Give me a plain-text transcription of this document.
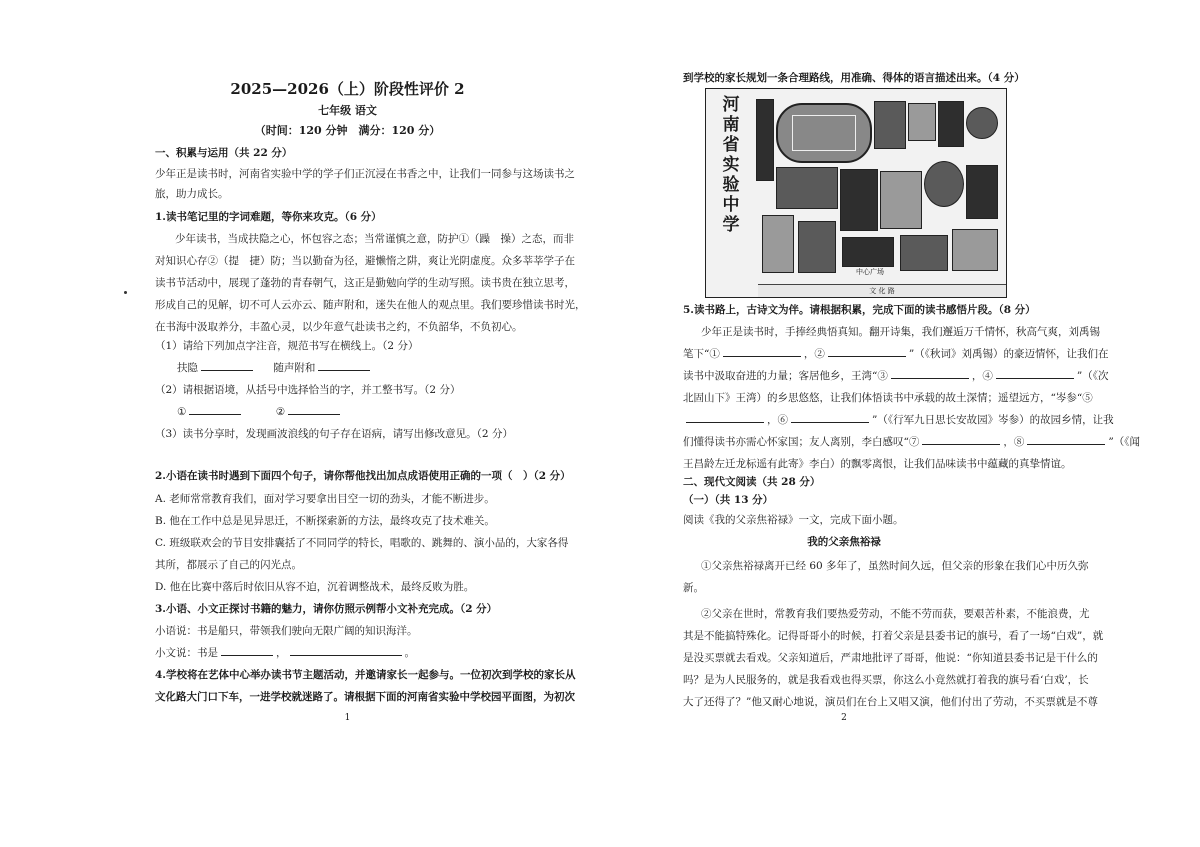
2025—2026（上）阶段性评价 2
七年级 语文
（时间：120 分钟　满分：120 分）
一、积累与运用（共 22 分）
少年正是读书时，河南省实验中学的学子们正沉浸在书香之中，让我们一同参与这场读书之
旅，助力成长。
1.读书笔记里的字词难题，等你来攻克。（6 分）
少年读书，当成扶隐之心，怀包容之态；当常谨慎之意，防护①（躁　操）之态，而非
对知识心存②（提　捷）防；当以勤奋为径，避懒惰之阱，爽让光阴虚度。众多莘莘学子在
读书节活动中，展现了蓬勃的青春朝气，这正是勤勉向学的生动写照。读书贵在独立思考，
形成自己的见解，切不可人云亦云、随声附和，迷失在他人的观点里。我们要珍惜读书时光，
在书海中汲取养分，丰盈心灵，以少年意气赴读书之约，不负韶华，不负初心。
（1）请给下列加点字注音，规范书写在横线上。（2 分）
扶隐	随声附和
（2）请根据语境，从括号中选择恰当的字，并工整书写。（2 分）
①	②
（3）读书分享时，发现画波浪线的句子存在语病，请写出修改意见。（2 分）
2.小语在读书时遇到下面四个句子，请你帮他找出加点成语使用正确的一项（　）（2 分）
A. 老师常常教育我们，面对学习要拿出目空一切的劲头，才能不断进步。
B. 他在工作中总是见异思迁，不断探索新的方法，最终攻克了技术难关。
C. 班级联欢会的节目安排囊括了不同同学的特长，唱歌的、跳舞的、演小品的，大家各得
其所，都展示了自己的闪光点。
D. 他在比赛中落后时依旧从容不迫，沉着调整战术，最终反败为胜。
3.小语、小文正探讨书籍的魅力，请你仿照示例帮小文补充完成。（2 分）
小语说：书是船只，带领我们驶向无限广阔的知识海洋。
小文说：书是	，	。
4.学校将在艺体中心举办读书节主题活动，并邀请家长一起参与。一位初次到学校的家长从
文化路大门口下车，一进学校就迷路了。请根据下面的河南省实验中学校园平面图，为初次
1
到学校的家长规划一条合理路线，用准确、得体的语言描述出来。（4 分）
河南省实验中学
中心广场
文 化 路
5.读书路上，古诗文为伴。请根据积累，完成下面的读书感悟片段。（8 分）
少年正是读书时，手捧经典悟真知。翻开诗集，我们邂逅万千情怀，秋高气爽，刘禹锡
笔下“①	，②	”（《秋词》刘禹锡）的豪迈情怀，让我们在
读书中汲取奋进的力量；客居他乡，王湾“③	，④	”（《次
北固山下》王湾）的乡思悠悠，让我们体悟读书中承载的故土深情；遥望远方，“岑参“⑤
，⑥	”（《行军九日思长安故园》岑参）的故园乡情，让我
们懂得读书亦需心怀家国；友人离别，李白感叹“⑦	，⑧	”（《闻
王昌龄左迁龙标遥有此寄》李白）的飘零离恨，让我们品味读书中蕴藏的真挚情谊。
二、现代文阅读（共 28 分）
（一）（共 13 分）
阅读《我的父亲焦裕禄》一文，完成下面小题。
我的父亲焦裕禄
①父亲焦裕禄离开已经 60 多年了，虽然时间久远，但父亲的形象在我们心中历久弥
新。
②父亲在世时，常教育我们要热爱劳动，不能不劳而获，要艰苦朴素，不能浪费，尤
其是不能搞特殊化。记得哥哥小的时候，打着父亲是县委书记的旗号，看了一场“白戏”，就
是没买票就去看戏。父亲知道后，严肃地批评了哥哥，他说：“你知道县委书记是干什么的
吗？是为人民服务的，就是我看戏也得买票，你这么小竟然就打着我的旗号看‘白戏’，长
大了还得了？”他又耐心地说，演员们在台上又唱又演，他们付出了劳动，不买票就是不尊
2
